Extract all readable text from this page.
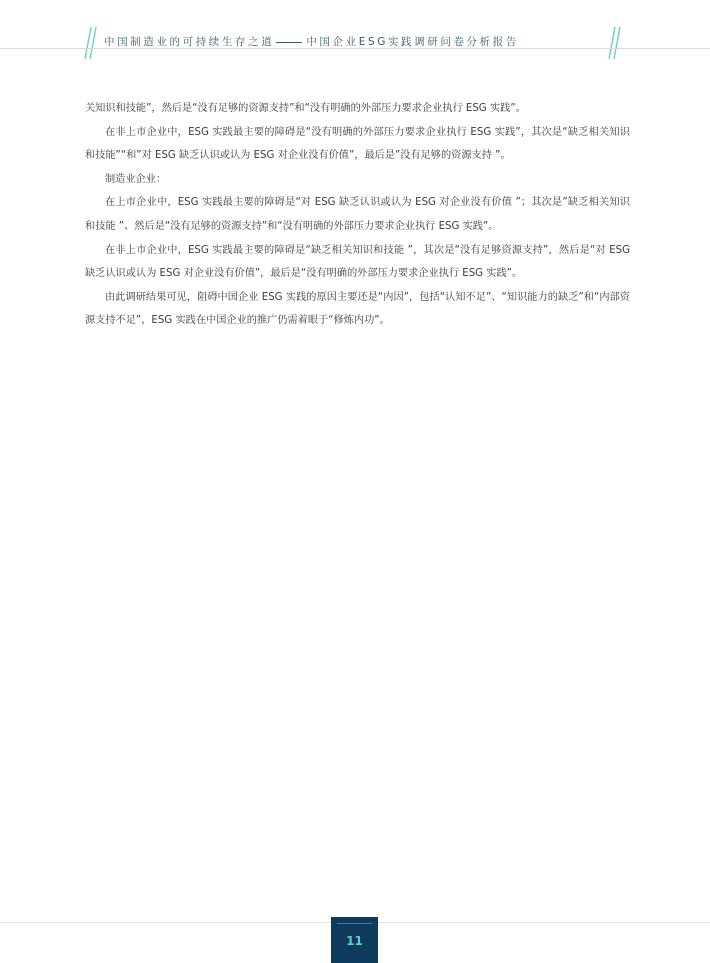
中国制造业的可持续生存之道	中国企业ESG实践调研问卷分析报告

关知识和技能”，然后是“没有足够的资源支持”和“没有明确的外部压力要求企业执行 ESG 实践”。

在非上市企业中，ESG 实践最主要的障碍是“没有明确的外部压力要求企业执行 ESG 实践”，其次是“缺乏相关知识和技能”“和”对 ESG 缺乏认识或认为 ESG 对企业没有价值”，最后是”没有足够的资源支持 ”。

制造业企业：

在上市企业中，ESG 实践最主要的障碍是“对 ESG 缺乏认识或认为 ESG 对企业没有价值 ”；其次是”缺乏相关知识和技能 ”、然后是“没有足够的资源支持”和“没有明确的外部压力要求企业执行 ESG 实践”。

在非上市企业中，ESG 实践最主要的障碍是“缺乏相关知识和技能 ”，其次是“没有足够资源支持”，然后是“对 ESG 缺乏认识或认为 ESG 对企业没有价值”，最后是“没有明确的外部压力要求企业执行 ESG 实践”。

由此调研结果可见，阻碍中国企业 ESG 实践的原因主要还是“内因”，包括“认知不足”、“知识能力的缺乏”和“内部资源支持不足”，ESG 实践在中国企业的推广仍需着眼于“修炼内功”。

11
